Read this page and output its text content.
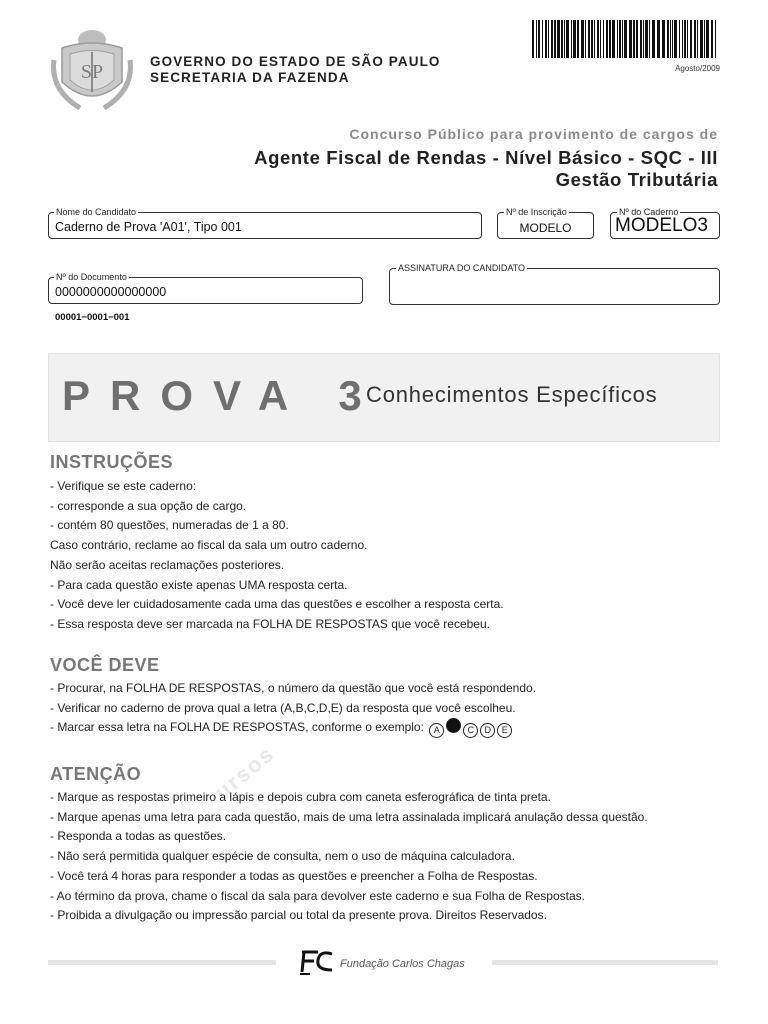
SP	GOVERNO DO ESTADO DE SÃO PAULO
SECRETARIA DA FAZENDA
Agosto/2009
Concurso Público para provimento de cargos de
Agente Fiscal de Rendas - Nível Básico - SQC - III
Gestão Tributária
Nome do Candidato
Caderno de Prova 'A01', Tipo 001
Nº de Inscrição
MODELO
Nº do Caderno
MODELO3
Nº do Documento
0000000000000000
ASSINATURA DO CANDIDATO
00001−0001−001
PROVA 3
Conhecimentos Específicos
ursos
INSTRUÇÕES
- Verifique se este caderno:
- corresponde a sua opção de cargo.
- contém 80 questões, numeradas de 1 a 80.
Caso contrário, reclame ao fiscal da sala um outro caderno.
Não serão aceitas reclamações posteriores.
- Para cada questão existe apenas UMA resposta certa.
- Você deve ler cuidadosamente cada uma das questões e escolher a resposta certa.
- Essa resposta deve ser marcada na FOLHA DE RESPOSTAS que você recebeu.
VOCÊ DEVE
- Procurar, na FOLHA DE RESPOSTAS, o número da questão que você está respondendo.
- Verificar no caderno de prova qual a letra (A,B,C,D,E) da resposta que você escolheu.
- Marcar essa letra na FOLHA DE RESPOSTAS, conforme o exemplo: A	C D E
ATENÇÃO
- Marque as respostas primeiro a lápis e depois cubra com caneta esferográfica de tinta preta.
- Marque apenas uma letra para cada questão, mais de uma letra assinalada implicará anulação dessa questão.
- Responda a todas as questões.
- Não será permitida qualquer espécie de consulta, nem o uso de máquina calculadora.
- Você terá 4 horas para responder a todas as questões e preencher a Folha de Respostas.
- Ao término da prova, chame o fiscal da sala para devolver este caderno e sua Folha de Respostas.
- Proibida a divulgação ou impressão parcial ou total da presente prova. Direitos Reservados.
Fundação Carlos Chagas
